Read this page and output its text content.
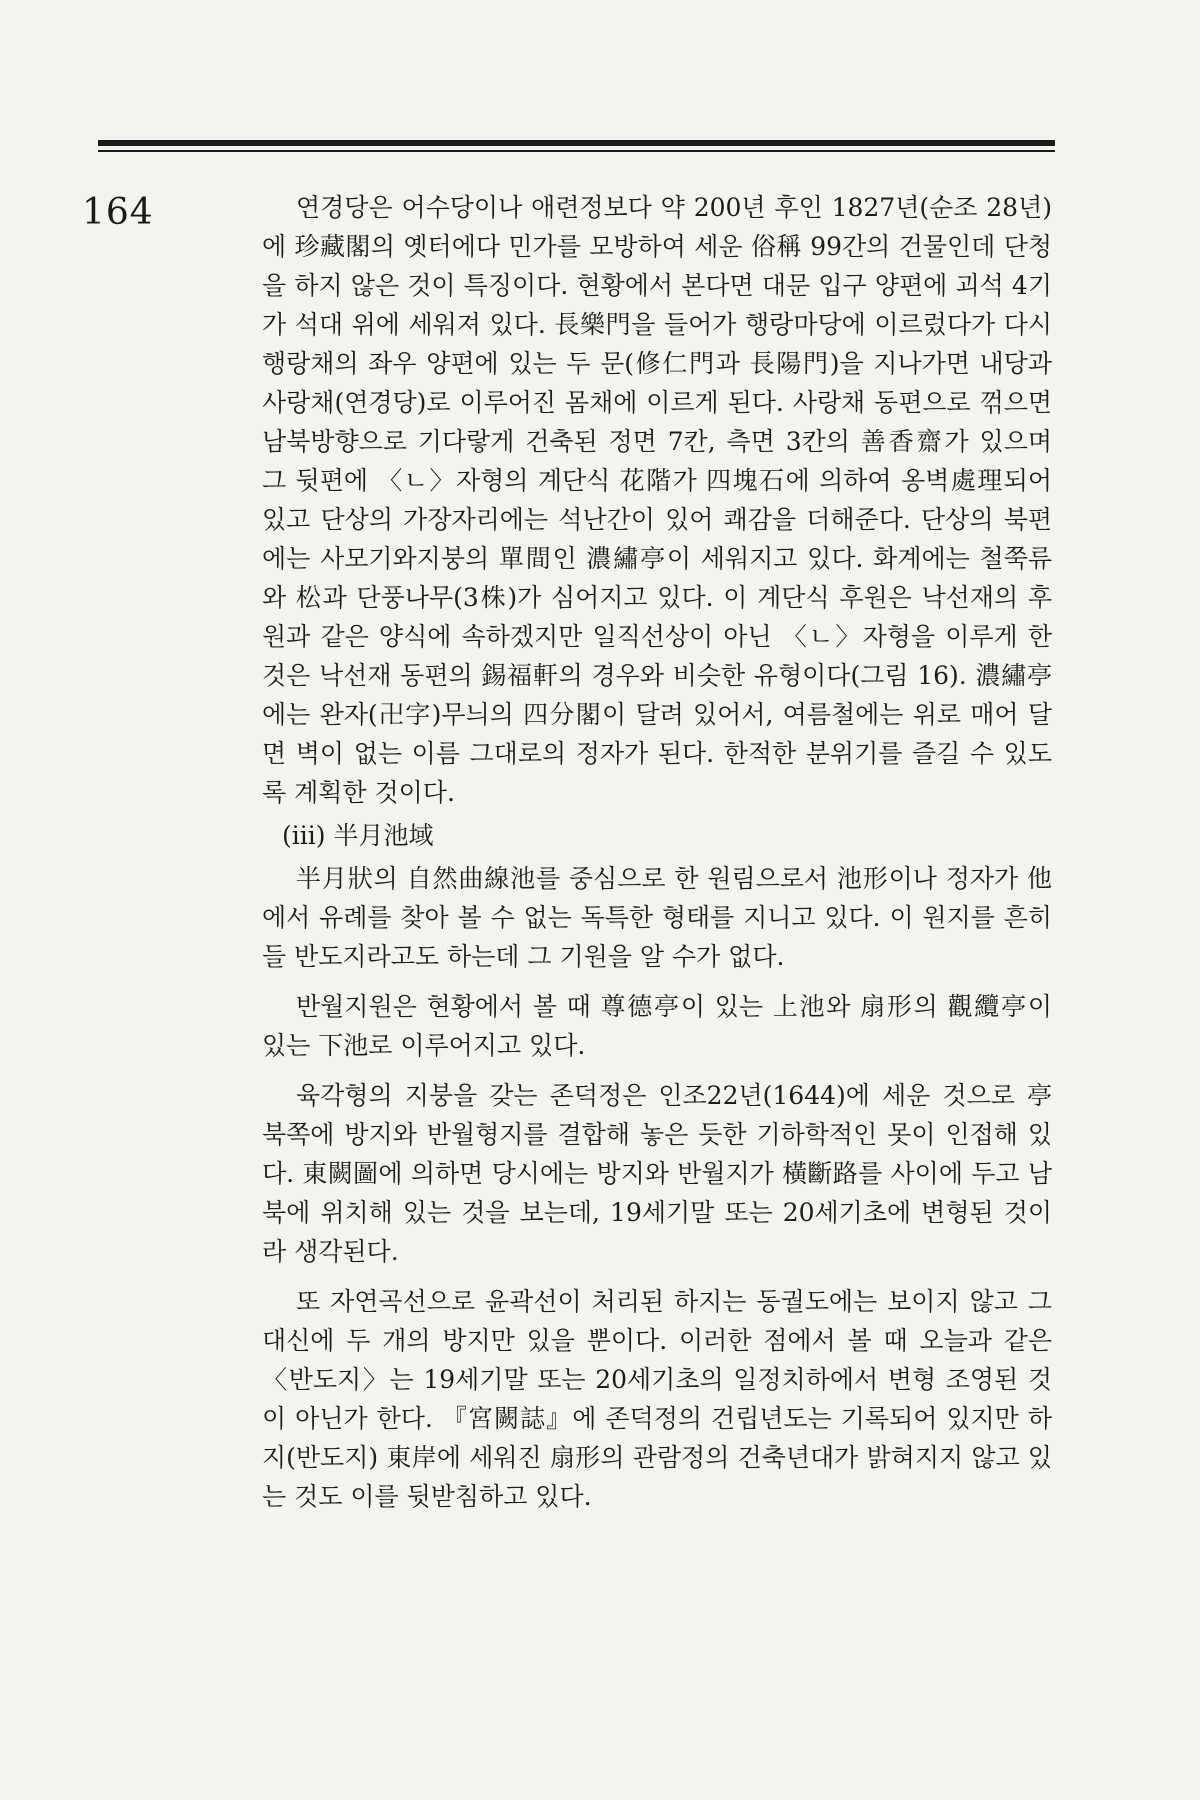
164	연경당은 어수당이나 애련정보다 약 200년 후인 1827년(순조 28년)에 珍藏閣의 옛터에다 민가를 모방하여 세운 俗稱 99간의 건물인데 단청을 하지 않은 것이 특징이다. 현황에서 본다면 대문 입구 양편에 괴석 4기가 석대 위에 세워져 있다. 長樂門을 들어가 행랑마당에 이르렀다가 다시 행랑채의 좌우 양편에 있는 두 문(修仁門과 長陽門)을 지나가면 내당과 사랑채(연경당)로 이루어진 몸채에 이르게 된다. 사랑채 동편으로 꺾으면 남북방향으로 기다랗게 건축된 정면 7칸, 측면 3칸의 善香齋가 있으며 그 뒷편에 〈ㄴ〉자형의 계단식 花階가 四塊石에 의하여 옹벽處理되어 있고 단상의 가장자리에는 석난간이 있어 쾌감을 더해준다. 단상의 북편에는 사모기와지붕의 單間인 濃繡亭이 세워지고 있다. 화계에는 철쭉류와 松과 단풍나무(3株)가 심어지고 있다. 이 계단식 후원은 낙선재의 후원과 같은 양식에 속하겠지만 일직선상이 아닌 〈ㄴ〉자형을 이루게 한 것은 낙선재 동편의 錫福軒의 경우와 비슷한 유형이다(그림 16). 濃繡亭에는 완자(卍字)무늬의 四分閣이 달려 있어서, 여름철에는 위로 매어 달면 벽이 없는 이름 그대로의 정자가 된다. 한적한 분위기를 즐길 수 있도록 계획한 것이다.

(iii) 半月池域

半月狀의 自然曲線池를 중심으로 한 원림으로서 池形이나 정자가 他에서 유례를 찾아 볼 수 없는 독특한 형태를 지니고 있다. 이 원지를 흔히들 반도지라고도 하는데 그 기원을 알 수가 없다.

반월지원은 현황에서 볼 때 尊德亭이 있는 上池와 扇形의 觀纜亭이 있는 下池로 이루어지고 있다.

육각형의 지붕을 갖는 존덕정은 인조22년(1644)에 세운 것으로 亭 북쪽에 방지와 반월형지를 결합해 놓은 듯한 기하학적인 못이 인접해 있다. 東闕圖에 의하면 당시에는 방지와 반월지가 橫斷路를 사이에 두고 남북에 위치해 있는 것을 보는데, 19세기말 또는 20세기초에 변형된 것이라 생각된다.

또 자연곡선으로 윤곽선이 처리된 하지는 동궐도에는 보이지 않고 그 대신에 두 개의 방지만 있을 뿐이다. 이러한 점에서 볼 때 오늘과 같은 〈반도지〉는 19세기말 또는 20세기초의 일정치하에서 변형 조영된 것이 아닌가 한다. 『宮闕誌』에 존덕정의 건립년도는 기록되어 있지만 하지(반도지) 東岸에 세워진 扇形의 관람정의 건축년대가 밝혀지지 않고 있는 것도 이를 뒷받침하고 있다.
